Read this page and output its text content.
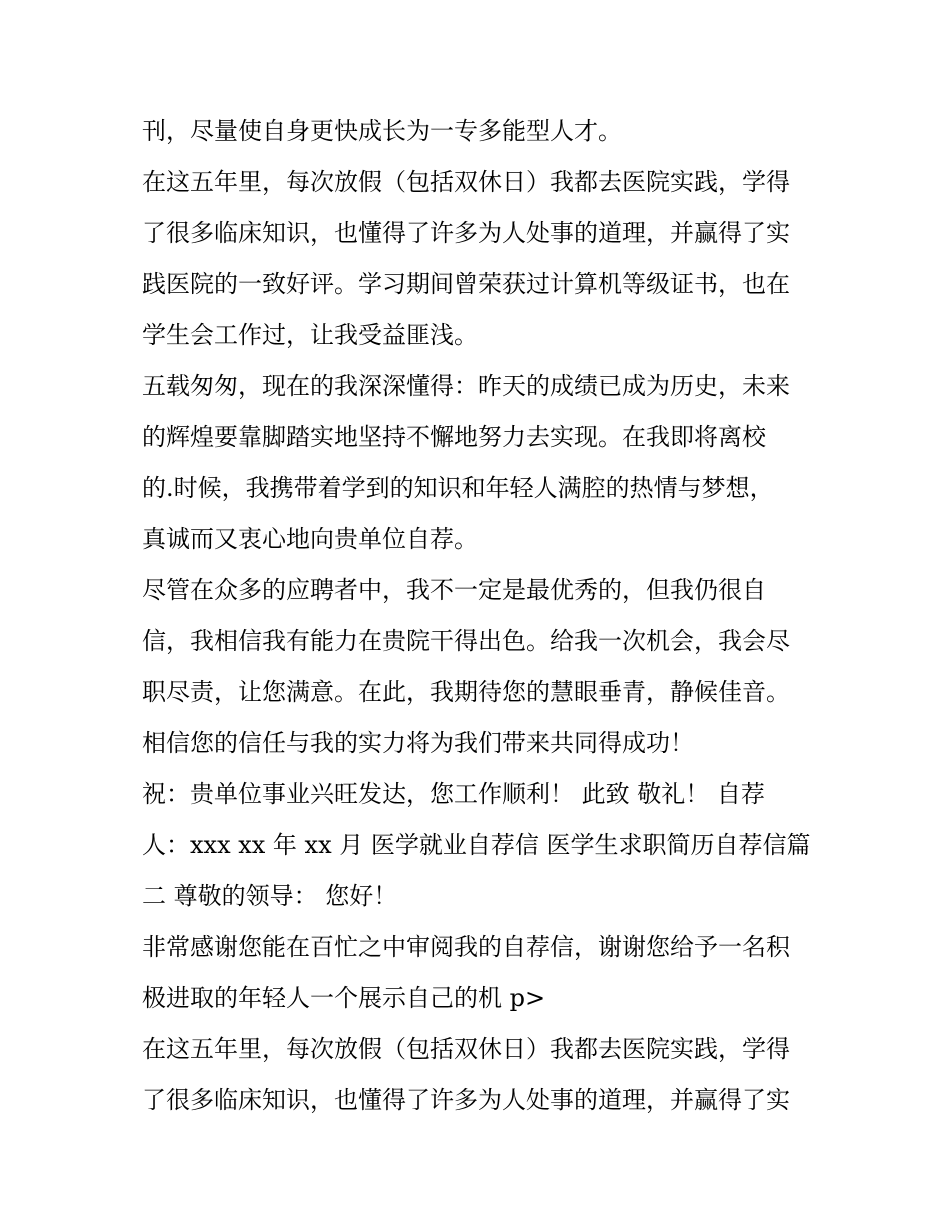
刊，尽量使自身更快成长为一专多能型人才。
在这五年里，每次放假（包括双休日）我都去医院实践，学得
了很多临床知识，也懂得了许多为人处事的道理，并赢得了实
践医院的一致好评。学习期间曾荣获过计算机等级证书，也在
学生会工作过，让我受益匪浅。
五载匆匆，现在的我深深懂得：昨天的成绩已成为历史，未来
的辉煌要靠脚踏实地坚持不懈地努力去实现。在我即将离校
的.时候，我携带着学到的知识和年轻人满腔的热情与梦想，
真诚而又衷心地向贵单位自荐。
尽管在众多的应聘者中，我不一定是最优秀的，但我仍很自
信，我相信我有能力在贵院干得出色。给我一次机会，我会尽
职尽责，让您满意。在此，我期待您的慧眼垂青，静候佳音。
相信您的信任与我的实力将为我们带来共同得成功！
祝：贵单位事业兴旺发达，您工作顺利！ 此致 敬礼！ 自荐
人：xxx xx 年 xx 月 医学就业自荐信 医学生求职简历自荐信篇
二 尊敬的领导： 您好！
非常感谢您能在百忙之中审阅我的自荐信，谢谢您给予一名积
极进取的年轻人一个展示自己的机 p>
在这五年里，每次放假（包括双休日）我都去医院实践，学得
了很多临床知识，也懂得了许多为人处事的道理，并赢得了实
